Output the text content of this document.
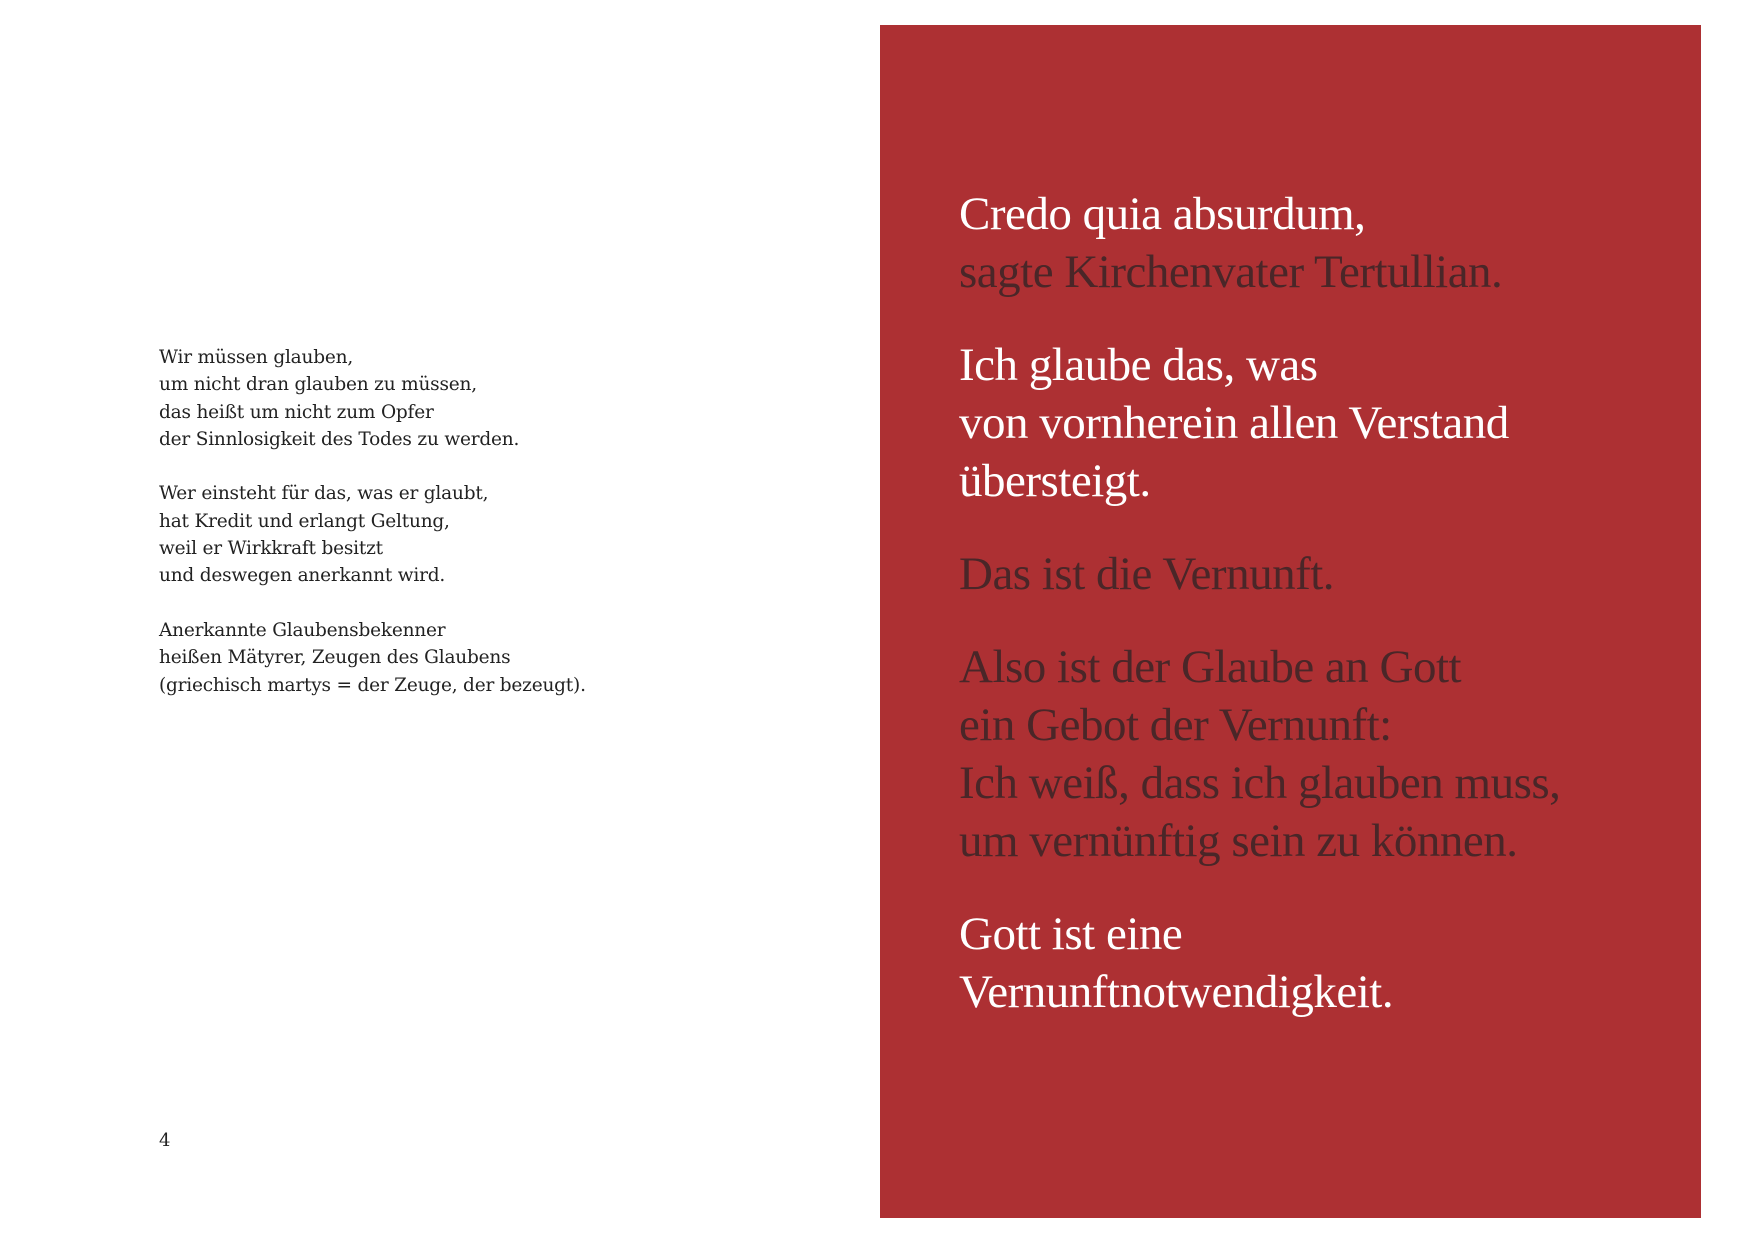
Wir müssen glauben,
um nicht dran glauben zu müssen,
das heißt um nicht zum Opfer
der Sinnlosigkeit des Todes zu werden.

Wer einsteht für das, was er glaubt,
hat Kredit und erlangt Geltung,
weil er Wirkkraft besitzt
und deswegen anerkannt wird.

Anerkannte Glaubensbekenner
heißen Mätyrer, Zeugen des Glaubens
(griechisch martys = der Zeuge, der bezeugt).

4

Credo quia absurdum,
sagte Kirchenvater Tertullian.

Ich glaube das, was
von vornherein allen Verstand
übersteigt.

Das ist die Vernunft.

Also ist der Glaube an Gott
ein Gebot der Vernunft:
Ich weiß, dass ich glauben muss,
um vernünftig sein zu können.

Gott ist eine
Vernunftnotwendigkeit.
